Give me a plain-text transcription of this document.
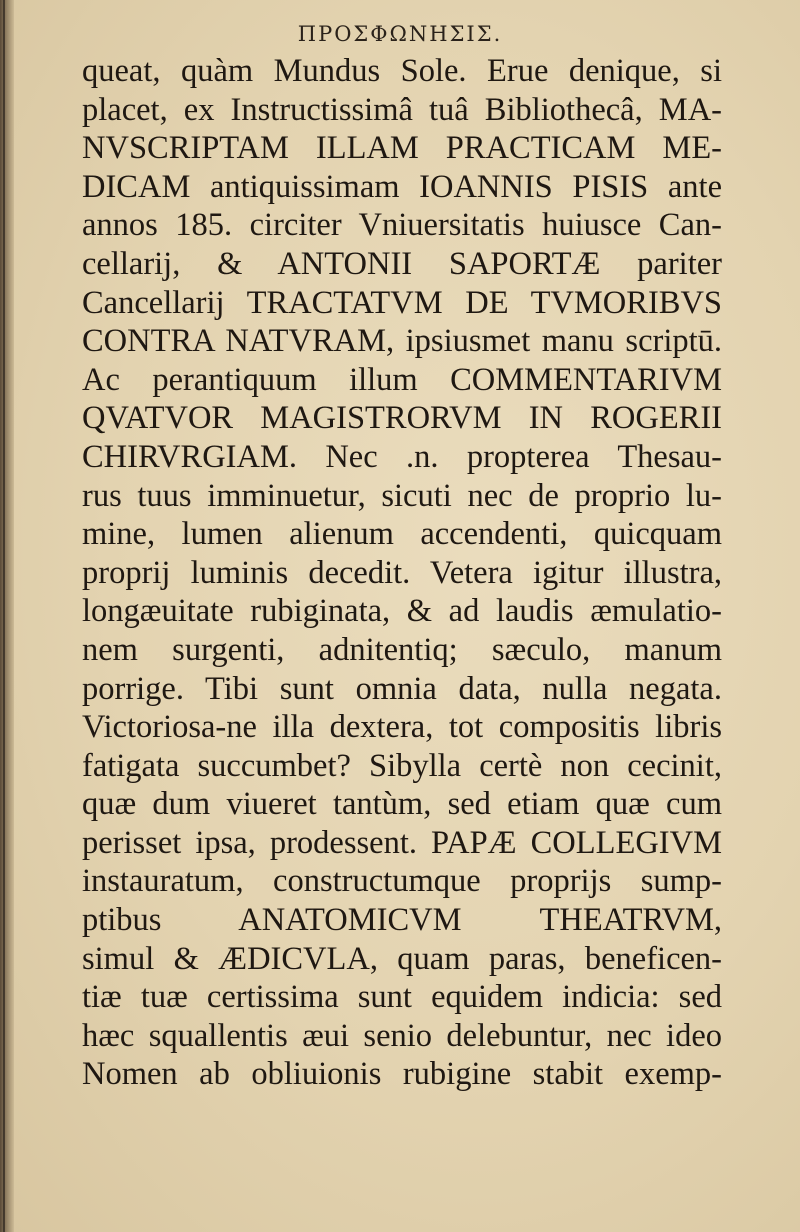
ΠΡΟΣΦΩΝΗΣΙΣ.
queat, quàm Mundus Sole. Erue denique, si
placet, ex Instructissimâ tuâ Bibliothecâ, MA-
NVSCRIPTAM ILLAM PRACTICAM ME-
DICAM antiquissimam IOANNIS PISIS ante
annos 185. circiter Vniuersitatis huiusce Can-
cellarij, & ANTONII SAPORTÆ pariter
Cancellarij TRACTATVM DE TVMORIBVS
CONTRA NATVRAM, ipsiusmet manu scriptū.
Ac perantiquum illum COMMENTARIVM
QVATVOR MAGISTRORVM IN ROGERII
CHIRVRGIAM. Nec .n. propterea Thesau-
rus tuus imminuetur, sicuti nec de proprio lu-
mine, lumen alienum accendenti, quicquam
proprij luminis decedit. Vetera igitur illustra,
longæuitate rubiginata, & ad laudis æmulatio-
nem surgenti, adnitentiq; sæculo, manum
porrige. Tibi sunt omnia data, nulla negata.
Victoriosa-ne illa dextera, tot compositis libris
fatigata succumbet? Sibylla certè non cecinit,
quæ dum viueret tantùm, sed etiam quæ cum
perisset ipsa, prodessent. PAPÆ COLLEGIVM
instauratum, constructumque proprijs sump-
ptibus ANATOMICVM THEATRVM,
simul & ÆDICVLA, quam paras, beneficen-
tiæ tuæ certissima sunt equidem indicia: sed
hæc squallentis æui senio delebuntur, nec ideo
Nomen ab obliuionis rubigine stabit exemp-
